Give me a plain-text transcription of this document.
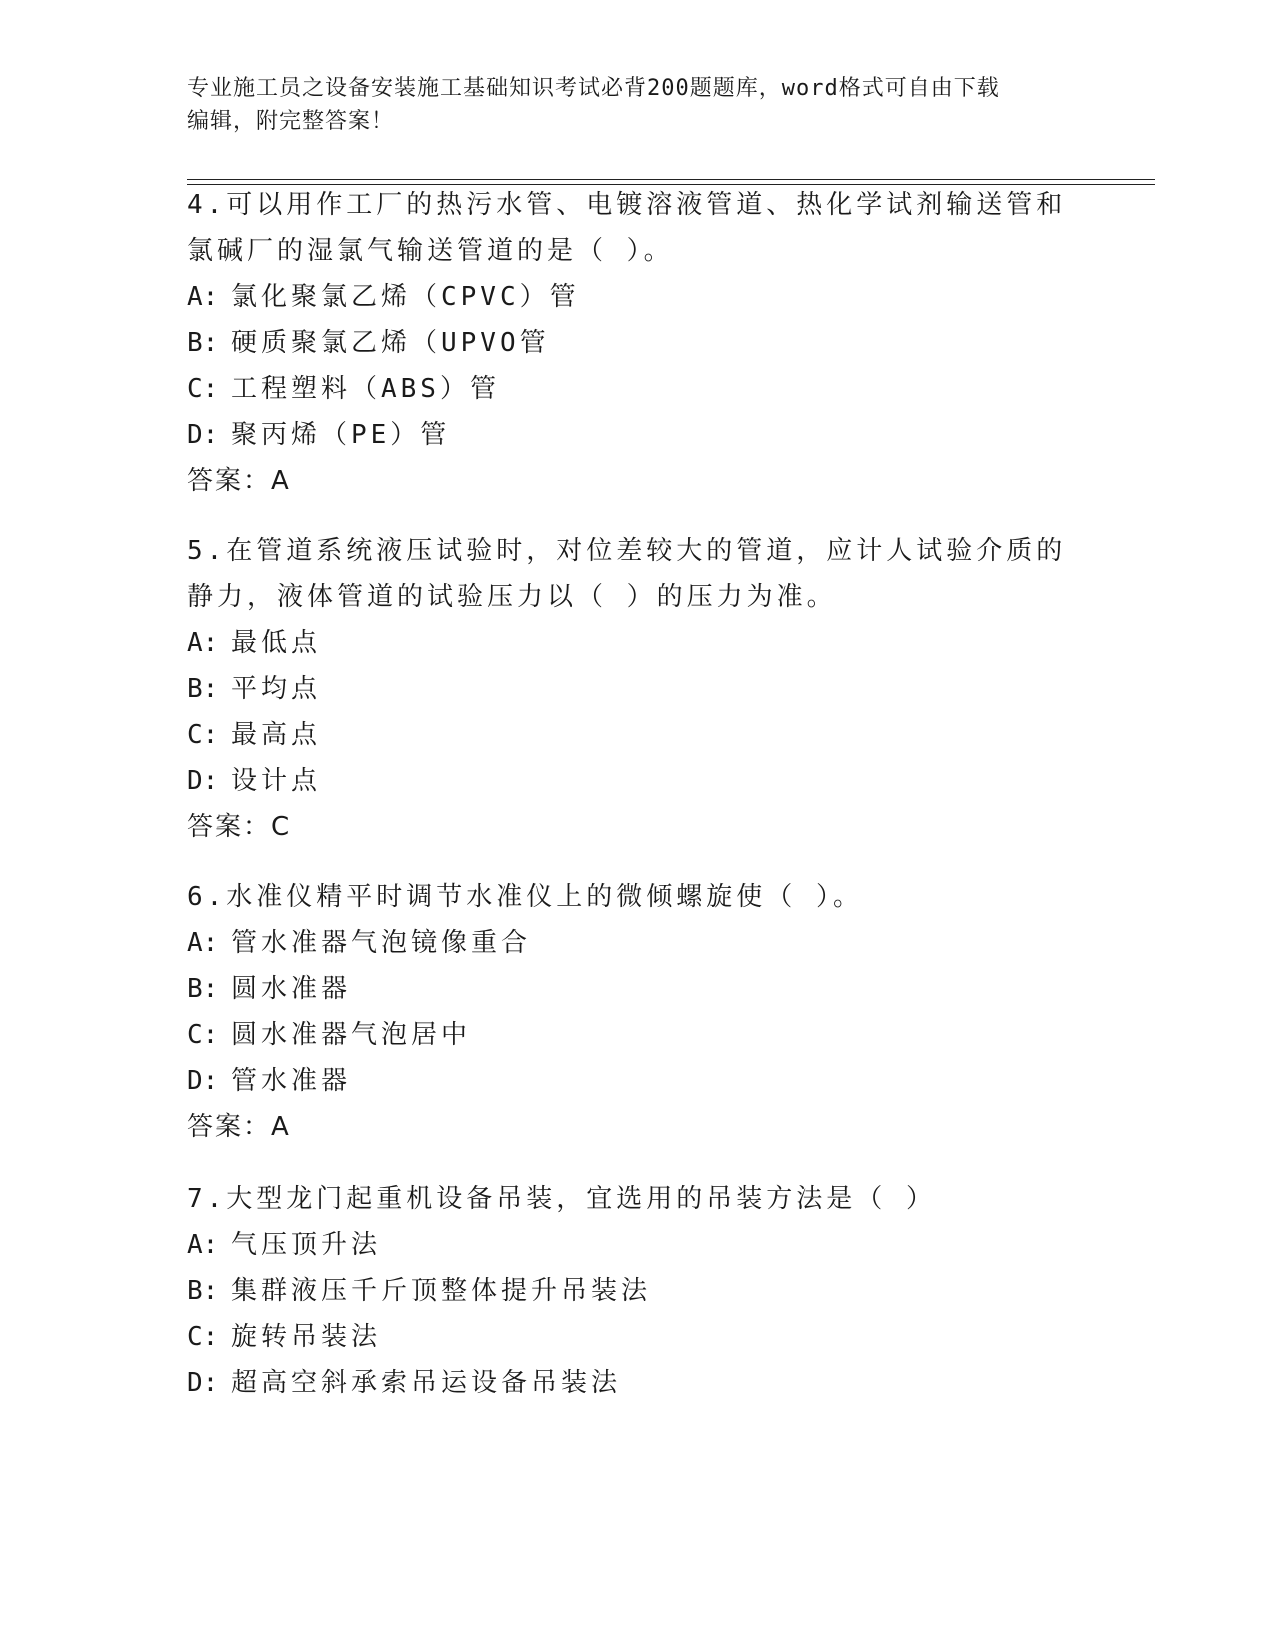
专业施工员之设备安装施工基础知识考试必背200题题库，word格式可自由下载
编辑，附完整答案！
4.可以用作工厂的热污水管、电镀溶液管道、热化学试剂输送管和氯碱厂的湿氯气输送管道的是（ ）。
A: 氯化聚氯乙烯（CPVC）管
B: 硬质聚氯乙烯（UPVO管
C: 工程塑料（ABS）管
D: 聚丙烯（PE）管
答案：A
5.在管道系统液压试验时，对位差较大的管道，应计人试验介质的静力，液体管道的试验压力以（ ）的压力为准。
A: 最低点
B: 平均点
C: 最高点
D: 设计点
答案：C
6.水准仪精平时调节水准仪上的微倾螺旋使（ ）。
A: 管水准器气泡镜像重合
B: 圆水准器
C: 圆水准器气泡居中
D: 管水准器
答案：A
7.大型龙门起重机设备吊装，宜选用的吊装方法是（ ）
A: 气压顶升法
B: 集群液压千斤顶整体提升吊装法
C: 旋转吊装法
D: 超高空斜承索吊运设备吊装法
